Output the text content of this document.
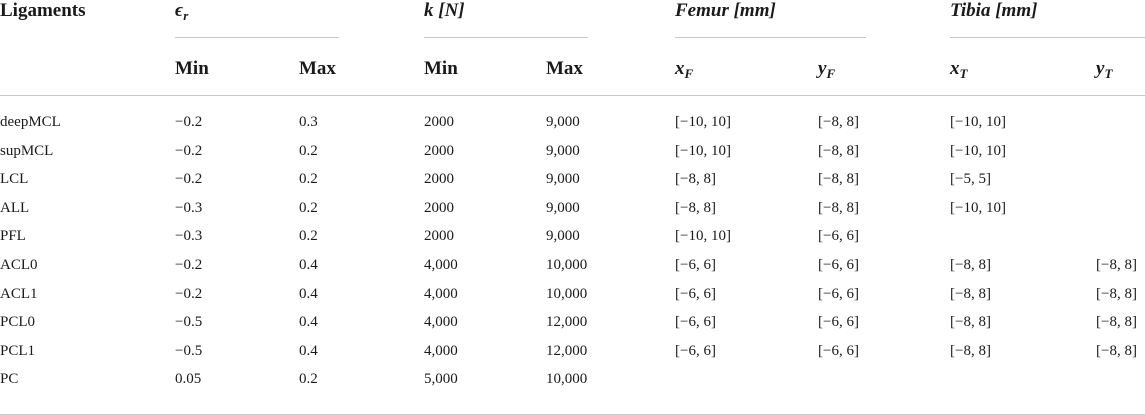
Ligaments	$\epsilon_r$	k [N]	Femur [mm]	Tibia [mm]
Min	Max	Min	Max	$x_F$	$y_F$	$x_T$	$y_T$
deepMCL	−0.2	0.3	2000	9,000	[−10, 10]	[−8, 8]	[−10, 10]
supMCL	−0.2	0.2	2000	9,000	[−10, 10]	[−8, 8]	[−10, 10]
LCL	−0.2	0.2	2000	9,000	[−8, 8]	[−8, 8]	[−5, 5]
ALL	−0.3	0.2	2000	9,000	[−8, 8]	[−8, 8]	[−10, 10]
PFL	−0.3	0.2	2000	9,000	[−10, 10]	[−6, 6]
ACL0	−0.2	0.4	4,000	10,000	[−6, 6]	[−6, 6]	[−8, 8]	[−8, 8]
ACL1	−0.2	0.4	4,000	10,000	[−6, 6]	[−6, 6]	[−8, 8]	[−8, 8]
PCL0	−0.5	0.4	4,000	12,000	[−6, 6]	[−6, 6]	[−8, 8]	[−8, 8]
PCL1	−0.5	0.4	4,000	12,000	[−6, 6]	[−6, 6]	[−8, 8]	[−8, 8]
PC	0.05	0.2	5,000	10,000
